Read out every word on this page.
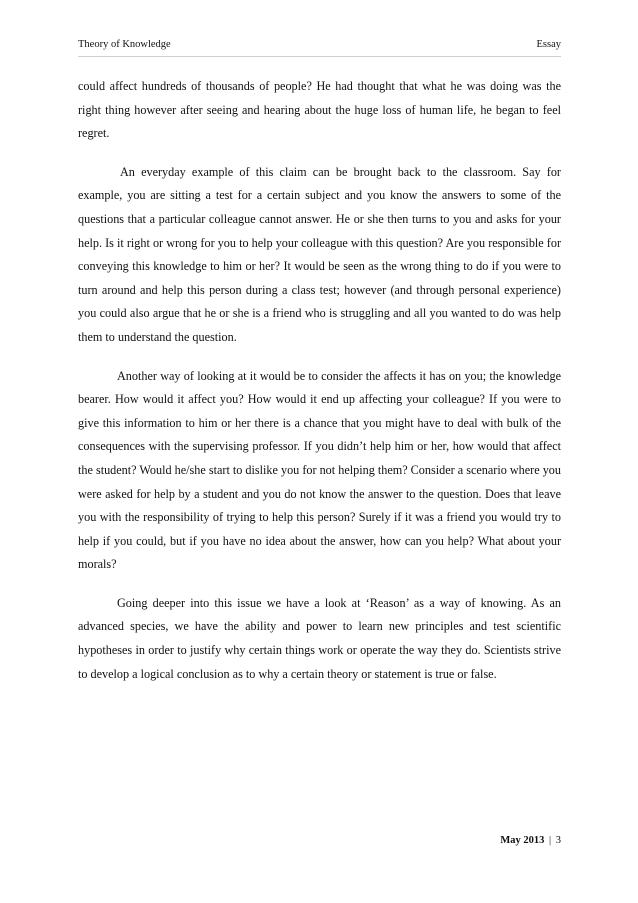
Theory of Knowledge	Essay

could affect hundreds of thousands of people? He had thought that what he was doing was the right thing however after seeing and hearing about the huge loss of human life, he began to feel regret.

An everyday example of this claim can be brought back to the classroom. Say for example, you are sitting a test for a certain subject and you know the answers to some of the questions that a particular colleague cannot answer. He or she then turns to you and asks for your help. Is it right or wrong for you to help your colleague with this question? Are you responsible for conveying this knowledge to him or her? It would be seen as the wrong thing to do if you were to turn around and help this person during a class test; however (and through personal experience) you could also argue that he or she is a friend who is struggling and all you wanted to do was help them to understand the question.

Another way of looking at it would be to consider the affects it has on you; the knowledge bearer. How would it affect you? How would it end up affecting your colleague? If you were to give this information to him or her there is a chance that you might have to deal with bulk of the consequences with the supervising professor. If you didn’t help him or her, how would that affect the student? Would he/she start to dislike you for not helping them? Consider a scenario where you were asked for help by a student and you do not know the answer to the question. Does that leave you with the responsibility of trying to help this person? Surely if it was a friend you would try to help if you could, but if you have no idea about the answer, how can you help? What about your morals?

Going deeper into this issue we have a look at ‘Reason’ as a way of knowing. As an advanced species, we have the ability and power to learn new principles and test scientific hypotheses in order to justify why certain things work or operate the way they do. Scientists strive to develop a logical conclusion as to why a certain theory or statement is true or false.

May 2013 | 3
